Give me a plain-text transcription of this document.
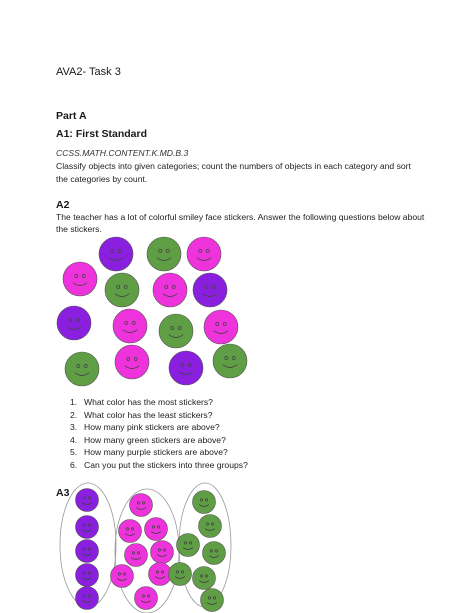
AVA2- Task 3
Part A
A1: First Standard
CCSS.MATH.CONTENT.K.MD.B.3
Classify objects into given categories; count the numbers of objects in each category and sort the categories by count.
A2
The teacher has a lot of colorful smiley face stickers. Answer the following questions below about the stickers.
1. What color has the most stickers?
2. What color has the least stickers?
3. How many pink stickers are above?
4. How many green stickers are above?
5. How many purple stickers are above?
6. Can you put the stickers into three groups?
A3
